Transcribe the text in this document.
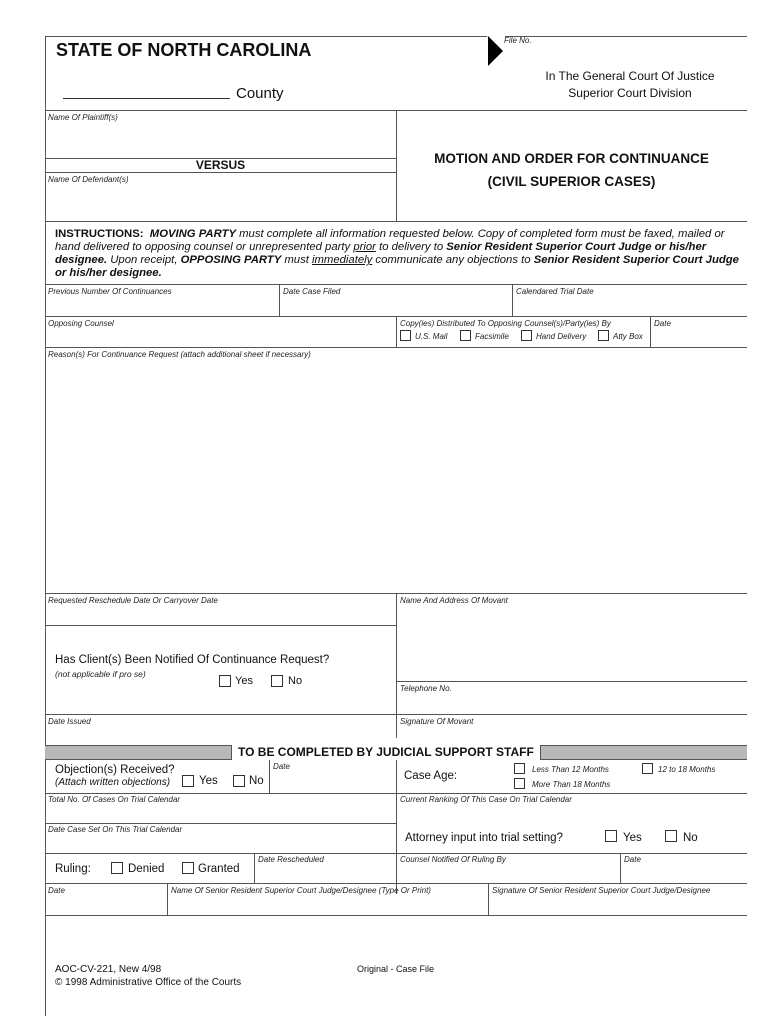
STATE OF NORTH CAROLINA
County
File No.
In The General Court Of Justice
Superior Court Division
Name Of Plaintiff(s)
VERSUS
Name Of Defendant(s)
MOTION AND ORDER FOR CONTINUANCE
(CIVIL SUPERIOR CASES)
INSTRUCTIONS: MOVING PARTY must complete all information requested below. Copy of completed form must be faxed, mailed or hand delivered to opposing counsel or unrepresented party prior to delivery to Senior Resident Superior Court Judge or his/her designee. Upon receipt, OPPOSING PARTY must immediately communicate any objections to Senior Resident Superior Court Judge or his/her designee.
Previous Number Of Continuances	Date Case Filed	Calendared Trial Date
Opposing Counsel	Copy(ies) Distributed To Opposing Counsel(s)/Party(ies) By
U.S. Mail	Facsimile	Hand Delivery	Atty Box
Date
Reason(s) For Continuance Request (attach additional sheet if necessary)
Requested Reschedule Date Or Carryover Date	Name And Address Of Movant
Has Client(s) Been Notified Of Continuance Request?
(not applicable if pro se)
Yes	No
Telephone No.
Date Issued	Signature Of Movant
TO BE COMPLETED BY JUDICIAL SUPPORT STAFF
Objection(s) Received?
(Attach written objections)	Yes	No
Date
Case Age:
Less Than 12 Months
More Than 18 Months
12 to 18 Months
Total No. Of Cases On Trial Calendar	Current Ranking Of This Case On Trial Calendar
Date Case Set On This Trial Calendar
Attorney input into trial setting?	Yes	No
Ruling:	Denied	Granted
Date Rescheduled	Counsel Notified Of Ruling By	Date
Date	Name Of Senior Resident Superior Court Judge/Designee (Type Or Print)	Signature Of Senior Resident Superior Court Judge/Designee
AOC-CV-221, New 4/98
© 1998 Administrative Office of the Courts
Original - Case File
